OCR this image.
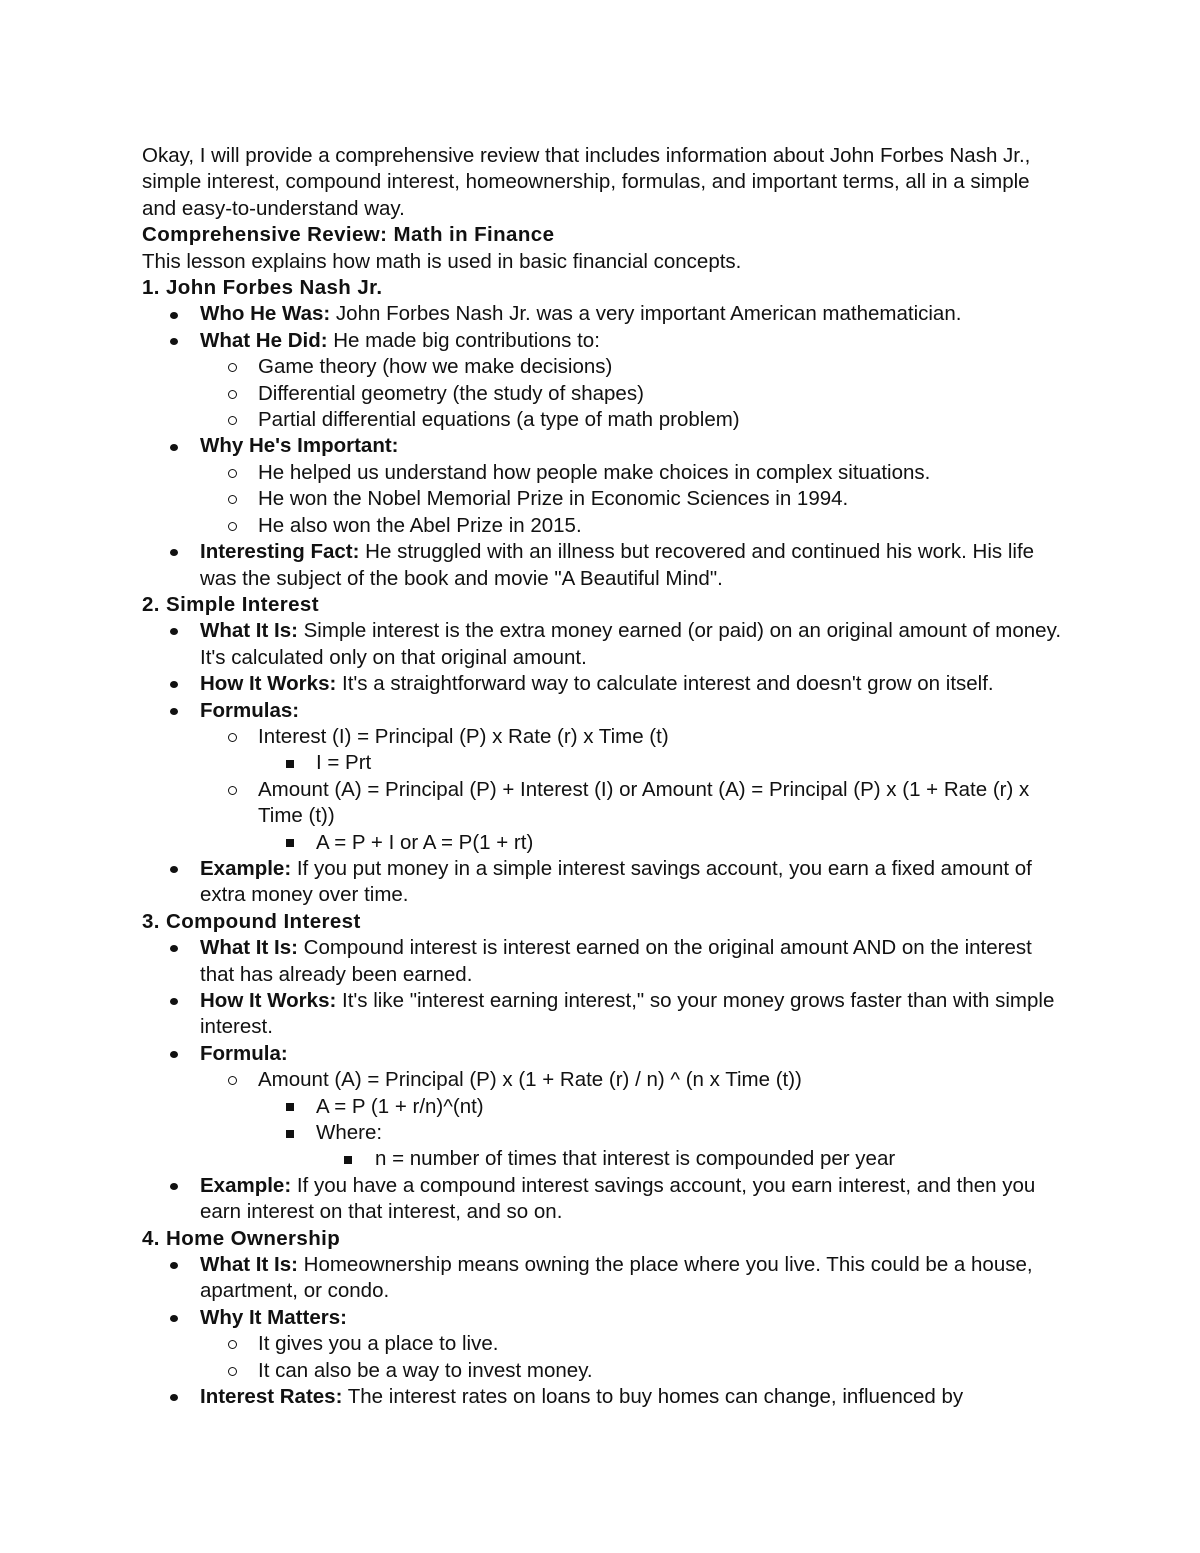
Okay, I will provide a comprehensive review that includes information about John Forbes Nash Jr., simple interest, compound interest, homeownership, formulas, and important terms, all in a simple and easy-to-understand way.

Comprehensive Review: Math in Finance

This lesson explains how math is used in basic financial concepts.

1. John Forbes Nash Jr.

Who He Was: John Forbes Nash Jr. was a very important American mathematician.
What He Did: He made big contributions to:
Game theory (how we make decisions)
Differential geometry (the study of shapes)
Partial differential equations (a type of math problem)
Why He's Important:
He helped us understand how people make choices in complex situations.
He won the Nobel Memorial Prize in Economic Sciences in 1994.
He also won the Abel Prize in 2015.
Interesting Fact: He struggled with an illness but recovered and continued his work. His life was the subject of the book and movie "A Beautiful Mind".

2. Simple Interest

What It Is: Simple interest is the extra money earned (or paid) on an original amount of money. It's calculated only on that original amount.
How It Works: It's a straightforward way to calculate interest and doesn't grow on itself.
Formulas:
Interest (I) = Principal (P) x Rate (r) x Time (t)
I = Prt
Amount (A) = Principal (P) + Interest (I) or Amount (A) = Principal (P) x (1 + Rate (r) x Time (t))
A = P + I or A = P(1 + rt)
Example: If you put money in a simple interest savings account, you earn a fixed amount of extra money over time.

3. Compound Interest

What It Is: Compound interest is interest earned on the original amount AND on the interest that has already been earned.
How It Works: It's like "interest earning interest," so your money grows faster than with simple interest.
Formula:
Amount (A) = Principal (P) x (1 + Rate (r) / n) ^ (n x Time (t))
A = P (1 + r/n)^(nt)
Where:
n = number of times that interest is compounded per year
Example: If you have a compound interest savings account, you earn interest, and then you earn interest on that interest, and so on.

4. Home Ownership

What It Is: Homeownership means owning the place where you live. This could be a house, apartment, or condo.
Why It Matters:
It gives you a place to live.
It can also be a way to invest money.
Interest Rates: The interest rates on loans to buy homes can change, influenced by
